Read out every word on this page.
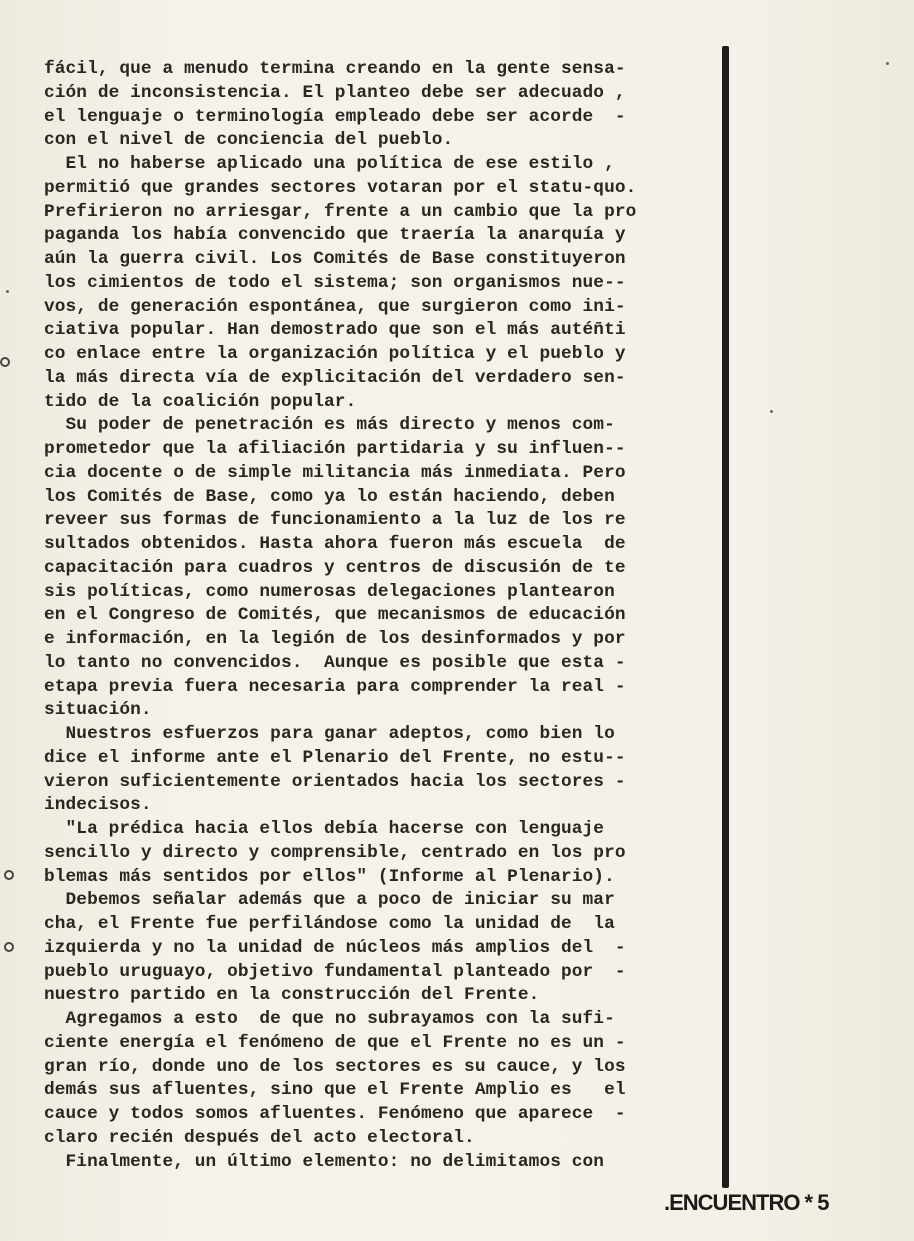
fácil, que a menudo termina creando en la gente sensa-
ción de inconsistencia. El planteo debe ser adecuado ,
el lenguaje o terminología empleado debe ser acorde  -
con el nivel de conciencia del pueblo.
El no haberse aplicado una política de ese estilo ,
permitió que grandes sectores votaran por el statu-quo.
Prefirieron no arriesgar, frente a un cambio que la pro
paganda los había convencido que traería la anarquía y
aún la guerra civil. Los Comités de Base constituyeron
los cimientos de todo el sistema; son organismos nue--
vos, de generación espontánea, que surgieron como ini-
ciativa popular. Han demostrado que son el más autén̄ti
co enlace entre la organización política y el pueblo y
la más directa vía de explicitación del verdadero sen-
tido de la coalición popular.
Su poder de penetración es más directo y menos com-
prometedor que la afiliación partidaria y su influen--
cia docente o de simple militancia más inmediata. Pero
los Comités de Base, como ya lo están haciendo, deben
reveer sus formas de funcionamiento a la luz de los re
sultados obtenidos. Hasta ahora fueron más escuela  de
capacitación para cuadros y centros de discusión de te
sis políticas, como numerosas delegaciones plantearon
en el Congreso de Comités, que mecanismos de educación
e información, en la legión de los desinformados y por
lo tanto no convencidos.  Aunque es posible que esta -
etapa previa fuera necesaria para comprender la real -
situación.
Nuestros esfuerzos para ganar adeptos, como bien lo
dice el informe ante el Plenario del Frente, no estu--
vieron suficientemente orientados hacia los sectores -
indecisos.
"La prédica hacia ellos debía hacerse con lenguaje
sencillo y directo y comprensible, centrado en los pro
blemas más sentidos por ellos" (Informe al Plenario).
Debemos señalar además que a poco de iniciar su mar
cha, el Frente fue perfilándose como la unidad de  la
izquierda y no la unidad de núcleos más amplios del  -
pueblo uruguayo, objetivo fundamental planteado por  -
nuestro partido en la construcción del Frente.
Agregamos a esto  de que no subrayamos con la sufi-
ciente energía el fenómeno de que el Frente no es un -
gran río, donde uno de los sectores es su cauce, y los
demás sus afluentes, sino que el Frente Amplio es   el
cauce y todos somos afluentes. Fenómeno que aparece  -
claro recién después del acto electoral.
Finalmente, un último elemento: no delimitamos con
.ENCUENTRO * 5
